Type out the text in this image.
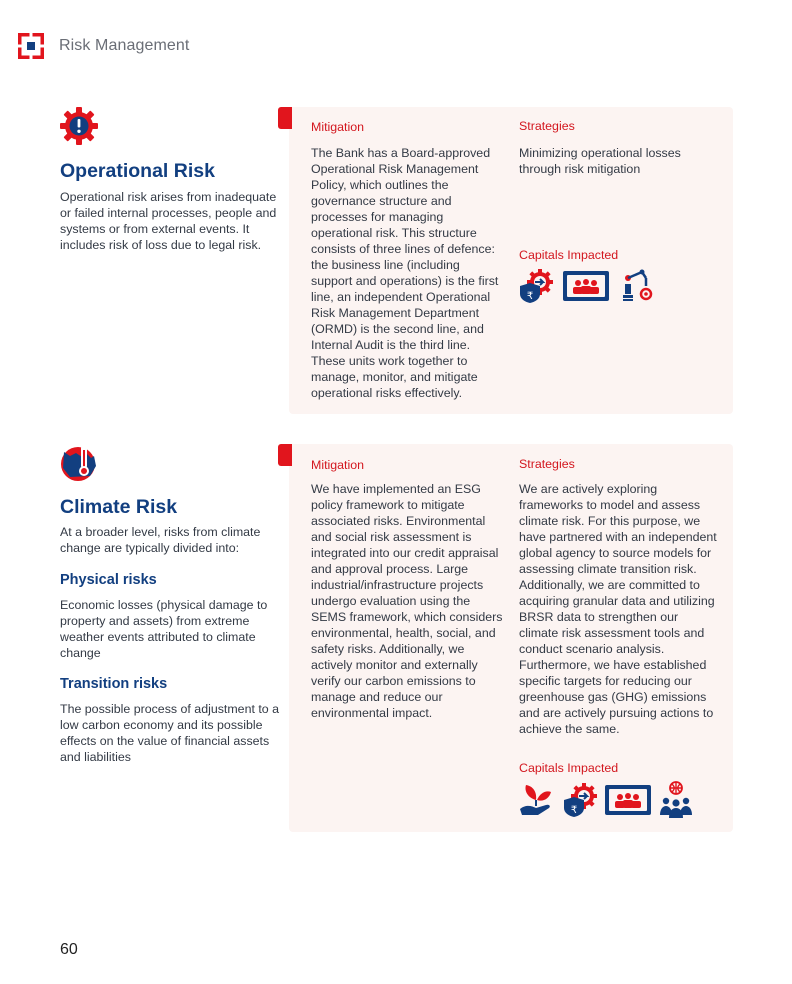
Risk Management
Operational Risk
Operational risk arises from inadequate or failed internal processes, people and systems or from external events. It includes risk of loss due to legal risk.
Mitigation
The Bank has a Board-approved Operational Risk Management Policy, which outlines the governance structure and processes for managing operational risk. This structure consists of three lines of defence: the business line (including support and operations) is the first line, an independent Operational Risk Management Department (ORMD) is the second line, and Internal Audit is the third line. These units work together to manage, monitor, and mitigate operational risks effectively.
Strategies
Minimizing operational losses through risk mitigation
Capitals Impacted
₹
Climate Risk
At a broader level, risks from climate change are typically divided into:
Physical risks
Economic losses (physical damage to property and assets) from extreme weather events attributed to climate change
Transition risks
The possible process of adjustment to a low carbon economy and its possible effects on the value of financial assets and liabilities
Mitigation
We have implemented an ESG policy framework to mitigate associated risks. Environmental and social risk assessment is integrated into our credit appraisal and approval process. Large industrial/infrastructure projects undergo evaluation using the SEMS framework, which considers environmental, health, social, and safety risks. Additionally, we actively monitor and externally verify our carbon emissions to manage and reduce our environmental impact.
Strategies
We are actively exploring frameworks to model and assess climate risk. For this purpose, we have partnered with an independent global agency to source models for assessing climate transition risk. Additionally, we are committed to acquiring granular data and utilizing BRSR data to strengthen our climate risk assessment tools and conduct scenario analysis. Furthermore, we have established specific targets for reducing our greenhouse gas (GHG) emissions and are actively pursuing actions to achieve the same.
Capitals Impacted
₹
60
